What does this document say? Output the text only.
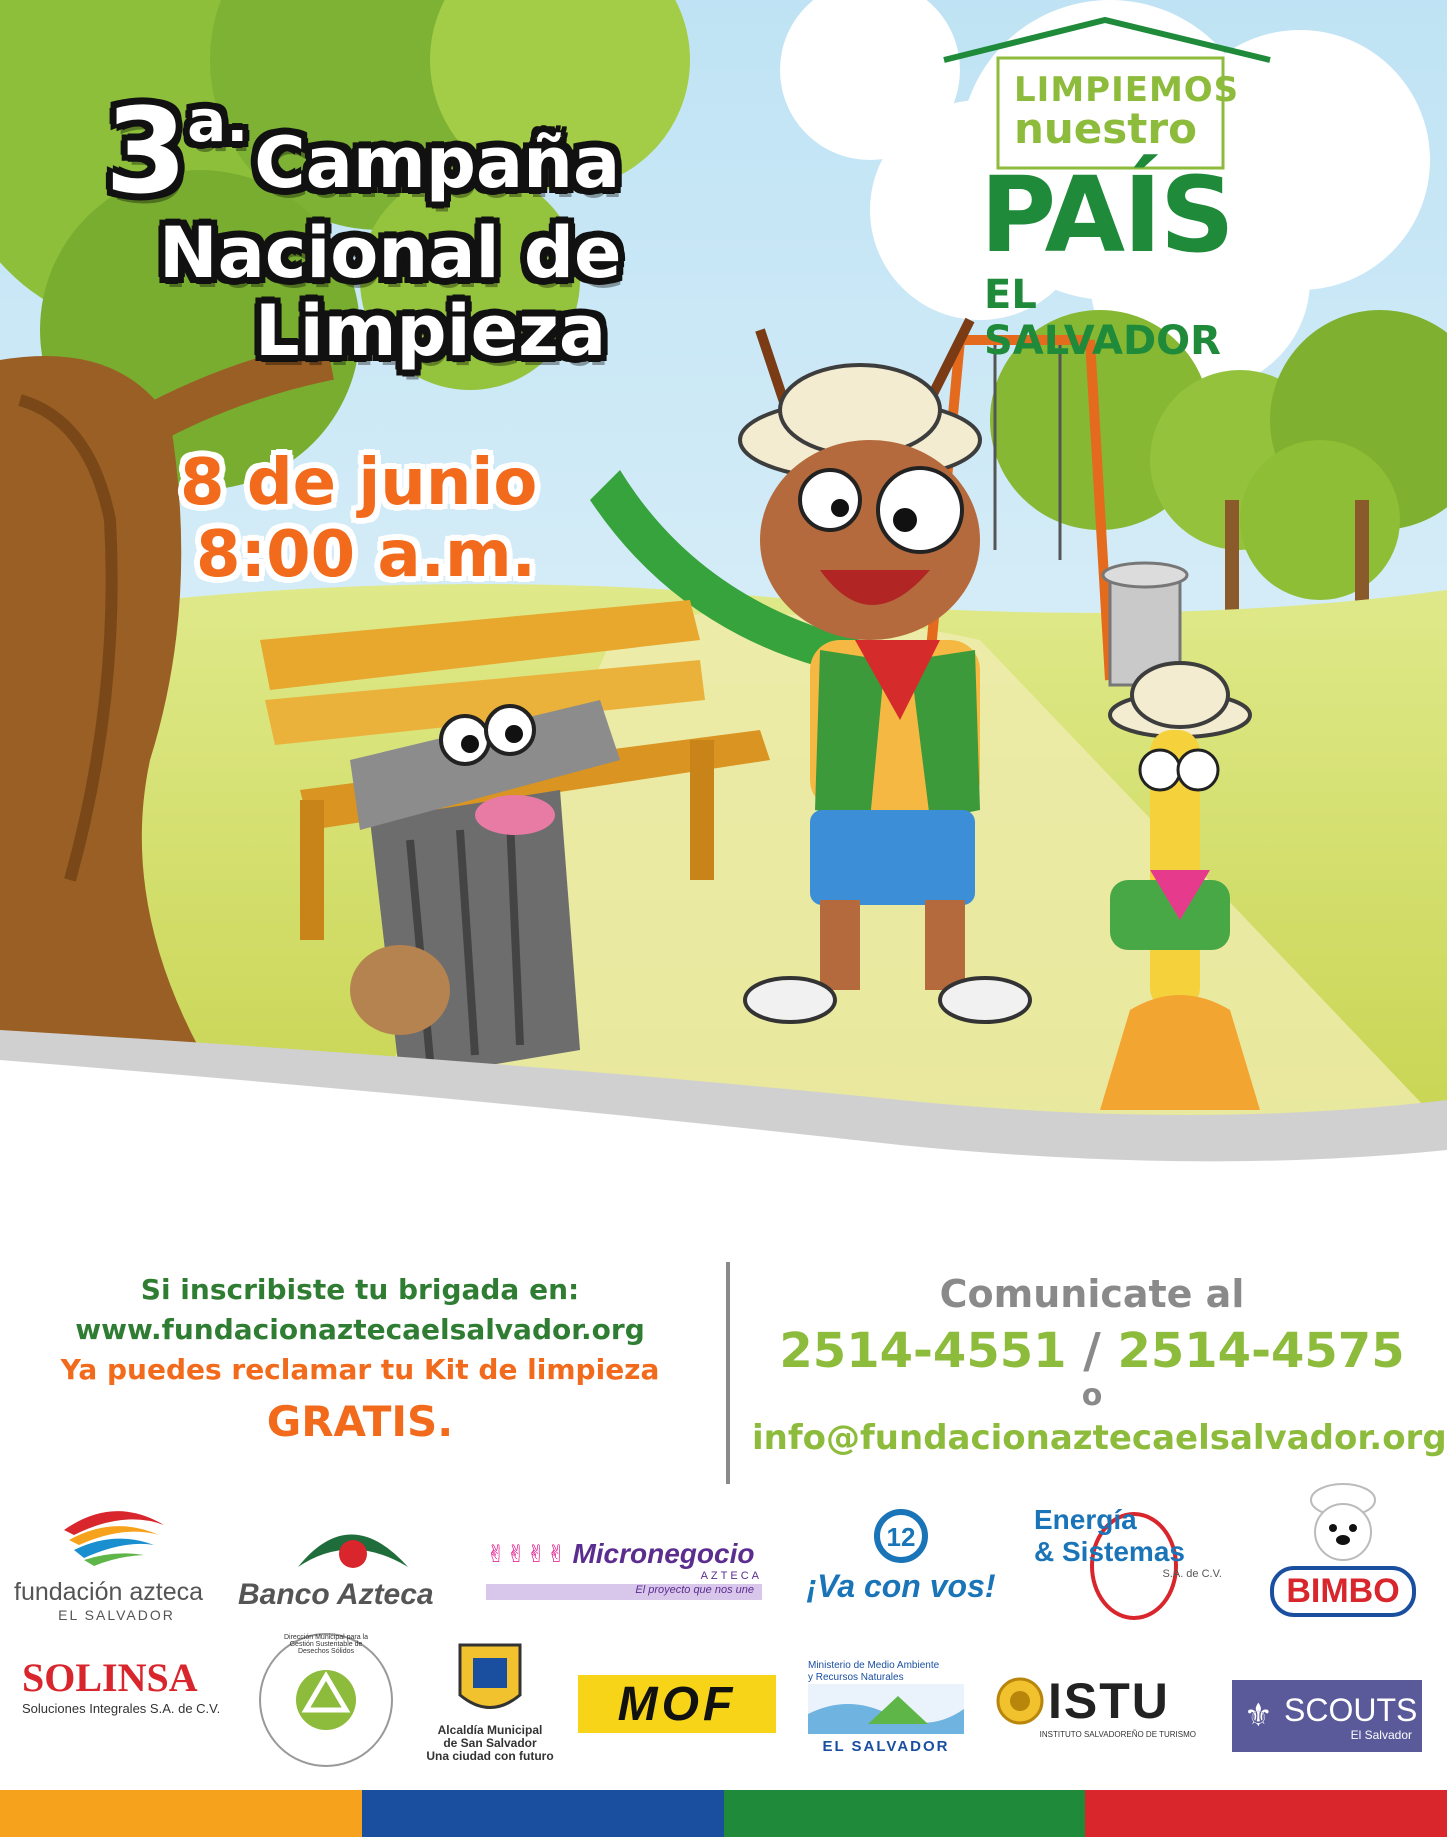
3a.Campaña
Nacional de
Limpieza
8 de junio
8:00 a.m.
LIMPIEMOS
nuestro
PAÍS
EL SALVADOR
Si inscribiste tu brigada en:
www.fundacionaztecaelsalvador.org
Ya puedes reclamar tu Kit de limpieza
GRATIS.
Comunicate al
2514-4551 / 2514-4575
o
info@fundacionaztecaelsalvador.org
fundación azteca
EL SALVADOR
Banco Azteca
✌✌✌✌ Micronegocio
AZTECA
El proyecto que nos une
12
¡Va con vos!
Energía
& Sistemas
S.A. de C.V.	BIMBO
SOLINSA
Soluciones Integrales S.A. de C.V.
Dirección Municipal para la Gestión Sustentable de Desechos Sólidos
Alcaldía Municipal
de San Salvador
Una ciudad con futuro
MOF
Ministerio de Medio Ambiente
y Recursos Naturales
EL SALVADOR
ISTU
INSTITUTO SALVADOREÑO DE TURISMO
⚜ SCOUTS
El Salvador
